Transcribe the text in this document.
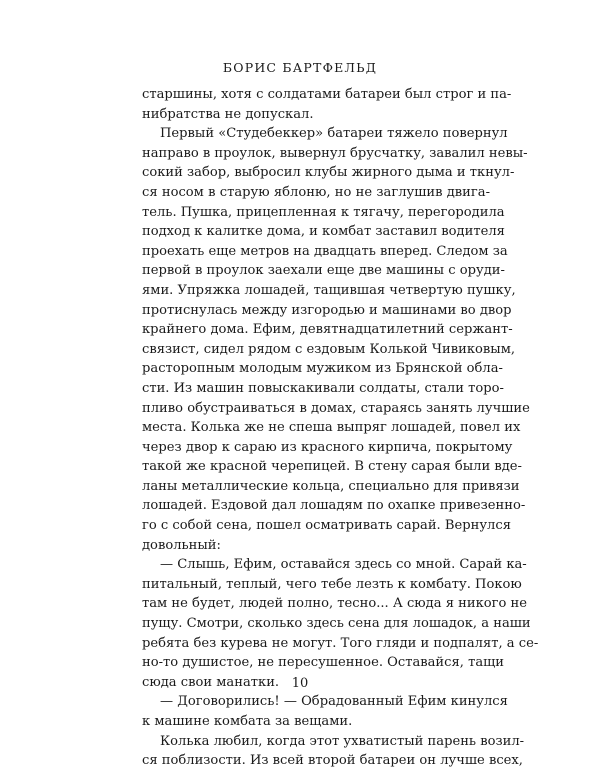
БОРИС БАРТФЕЛЬД
старшины, хотя с солдатами батареи был строг и па-
нибратства не допускал.
Первый «Студебеккер» батареи тяжело повернул
направо в проулок, вывернул брусчатку, завалил невы-
сокий забор, выбросил клубы жирного дыма и ткнул-
ся носом в старую яблоню, но не заглушив двига-
тель. Пушка, прицепленная к тягачу, перегородила
подход к калитке дома, и комбат заставил водителя
проехать еще метров на двадцать вперед. Следом за
первой в проулок заехали еще две машины с оруди-
ями. Упряжка лошадей, тащившая четвертую пушку,
протиснулась между изгородью и машинами во двор
крайнего дома. Ефим, девятнадцатилетний сержант-
связист, сидел рядом с ездовым Колькой Чивиковым,
расторопным молодым мужиком из Брянской обла-
сти. Из машин повыскакивали солдаты, стали торо-
пливо обустраиваться в домах, стараясь занять лучшие
места. Колька же не спеша выпряг лошадей, повел их
через двор к сараю из красного кирпича, покрытому
такой же красной черепицей. В стену сарая были вде-
ланы металлические кольца, специально для привязи
лошадей. Ездовой дал лошадям по охапке привезенно-
го с собой сена, пошел осматривать сарай. Вернулся
довольный:
— Слышь, Ефим, оставайся здесь со мной. Сарай ка-
питальный, теплый, чего тебе лезть к комбату. Покою
там не будет, людей полно, тесно... А сюда я никого не
пущу. Смотри, сколько здесь сена для лошадок, а наши
ребята без курева не могут. Того гляди и подпалят, а се-
но-то душистое, не пересушенное. Оставайся, тащи
сюда свои манатки.
— Договорились! — Обрадованный Ефим кинулся
к машине комбата за вещами.
Колька любил, когда этот ухватистый парень возил-
ся поблизости. Из всей второй батареи он лучше всех,
10
